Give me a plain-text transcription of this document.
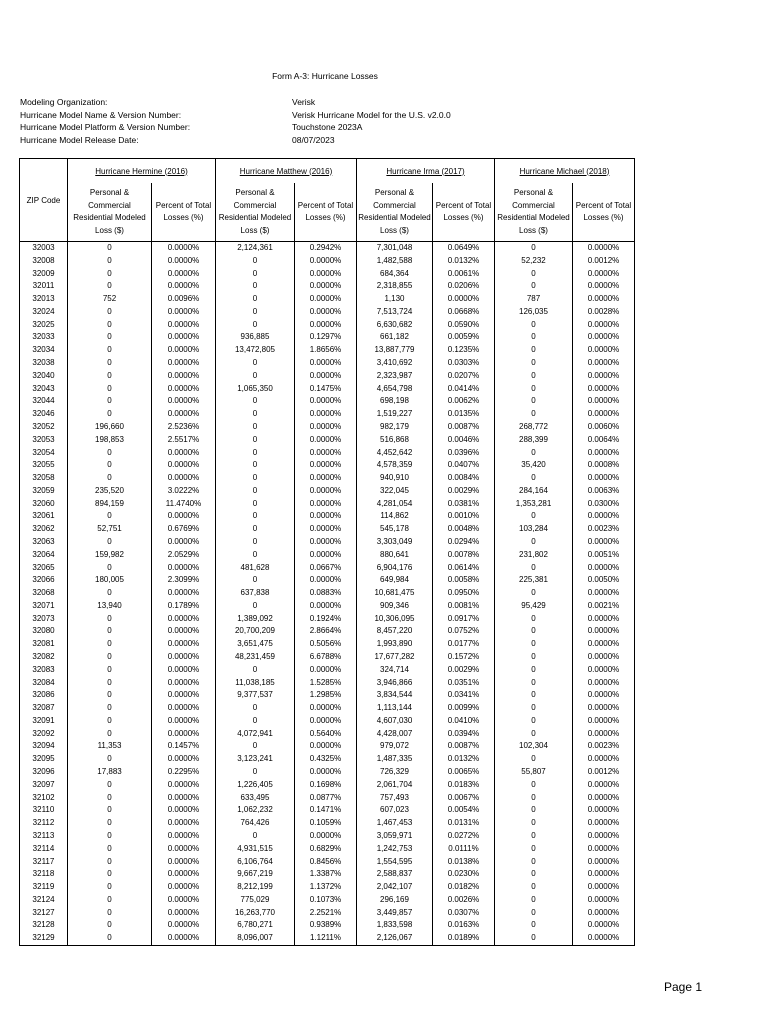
Form A-3: Hurricane Losses
Modeling Organization:	Verisk
Hurricane Model Name & Version Number:	Verisk Hurricane Model for the U.S. v2.0.0
Hurricane Model Platform & Version Number:	Touchstone 2023A
Hurricane Model Release Date:	08/07/2023
ZIP Code	Hurricane Hermine (2016)		Hurricane Matthew (2016)		Hurricane Irma (2017)		Hurricane Michael (2018)	
	Personal & Commercial Residential Modeled Loss ($)	Percent of Total Losses (%)	Personal & Commercial Residential Modeled Loss ($)	Percent of Total Losses (%)	Personal & Commercial Residential Modeled Loss ($)	Percent of Total Losses (%)	Personal & Commercial Residential Modeled Loss ($)	Percent of Total Losses (%)
32003	0	0.0000%	2,124,361	0.2942%	7,301,048	0.0649%	0	0.0000%
32008	0	0.0000%	0	0.0000%	1,482,588	0.0132%	52,232	0.0012%
32009	0	0.0000%	0	0.0000%	684,364	0.0061%	0	0.0000%
32011	0	0.0000%	0	0.0000%	2,318,855	0.0206%	0	0.0000%
32013	752	0.0096%	0	0.0000%	1,130	0.0000%	787	0.0000%
32024	0	0.0000%	0	0.0000%	7,513,724	0.0668%	126,035	0.0028%
32025	0	0.0000%	0	0.0000%	6,630,682	0.0590%	0	0.0000%
32033	0	0.0000%	936,885	0.1297%	661,182	0.0059%	0	0.0000%
32034	0	0.0000%	13,472,805	1.8656%	13,887,779	0.1235%	0	0.0000%
32038	0	0.0000%	0	0.0000%	3,410,692	0.0303%	0	0.0000%
32040	0	0.0000%	0	0.0000%	2,323,987	0.0207%	0	0.0000%
32043	0	0.0000%	1,065,350	0.1475%	4,654,798	0.0414%	0	0.0000%
32044	0	0.0000%	0	0.0000%	698,198	0.0062%	0	0.0000%
32046	0	0.0000%	0	0.0000%	1,519,227	0.0135%	0	0.0000%
32052	196,660	2.5236%	0	0.0000%	982,179	0.0087%	268,772	0.0060%
32053	198,853	2.5517%	0	0.0000%	516,868	0.0046%	288,399	0.0064%
32054	0	0.0000%	0	0.0000%	4,452,642	0.0396%	0	0.0000%
32055	0	0.0000%	0	0.0000%	4,578,359	0.0407%	35,420	0.0008%
32058	0	0.0000%	0	0.0000%	940,910	0.0084%	0	0.0000%
32059	235,520	3.0222%	0	0.0000%	322,045	0.0029%	284,164	0.0063%
32060	894,159	11.4740%	0	0.0000%	4,281,054	0.0381%	1,353,281	0.0300%
32061	0	0.0000%	0	0.0000%	114,862	0.0010%	0	0.0000%
32062	52,751	0.6769%	0	0.0000%	545,178	0.0048%	103,284	0.0023%
32063	0	0.0000%	0	0.0000%	3,303,049	0.0294%	0	0.0000%
32064	159,982	2.0529%	0	0.0000%	880,641	0.0078%	231,802	0.0051%
32065	0	0.0000%	481,628	0.0667%	6,904,176	0.0614%	0	0.0000%
32066	180,005	2.3099%	0	0.0000%	649,984	0.0058%	225,381	0.0050%
32068	0	0.0000%	637,838	0.0883%	10,681,475	0.0950%	0	0.0000%
32071	13,940	0.1789%	0	0.0000%	909,346	0.0081%	95,429	0.0021%
32073	0	0.0000%	1,389,092	0.1924%	10,306,095	0.0917%	0	0.0000%
32080	0	0.0000%	20,700,209	2.8664%	8,457,220	0.0752%	0	0.0000%
32081	0	0.0000%	3,651,475	0.5056%	1,993,890	0.0177%	0	0.0000%
32082	0	0.0000%	48,231,459	6.6788%	17,677,282	0.1572%	0	0.0000%
32083	0	0.0000%	0	0.0000%	324,714	0.0029%	0	0.0000%
32084	0	0.0000%	11,038,185	1.5285%	3,946,866	0.0351%	0	0.0000%
32086	0	0.0000%	9,377,537	1.2985%	3,834,544	0.0341%	0	0.0000%
32087	0	0.0000%	0	0.0000%	1,113,144	0.0099%	0	0.0000%
32091	0	0.0000%	0	0.0000%	4,607,030	0.0410%	0	0.0000%
32092	0	0.0000%	4,072,941	0.5640%	4,428,007	0.0394%	0	0.0000%
32094	11,353	0.1457%	0	0.0000%	979,072	0.0087%	102,304	0.0023%
32095	0	0.0000%	3,123,241	0.4325%	1,487,335	0.0132%	0	0.0000%
32096	17,883	0.2295%	0	0.0000%	726,329	0.0065%	55,807	0.0012%
32097	0	0.0000%	1,226,405	0.1698%	2,061,704	0.0183%	0	0.0000%
32102	0	0.0000%	633,495	0.0877%	757,493	0.0067%	0	0.0000%
32110	0	0.0000%	1,062,232	0.1471%	607,023	0.0054%	0	0.0000%
32112	0	0.0000%	764,426	0.1059%	1,467,453	0.0131%	0	0.0000%
32113	0	0.0000%	0	0.0000%	3,059,971	0.0272%	0	0.0000%
32114	0	0.0000%	4,931,515	0.6829%	1,242,753	0.0111%	0	0.0000%
32117	0	0.0000%	6,106,764	0.8456%	1,554,595	0.0138%	0	0.0000%
32118	0	0.0000%	9,667,219	1.3387%	2,588,837	0.0230%	0	0.0000%
32119	0	0.0000%	8,212,199	1.1372%	2,042,107	0.0182%	0	0.0000%
32124	0	0.0000%	775,029	0.1073%	296,169	0.0026%	0	0.0000%
32127	0	0.0000%	16,263,770	2.2521%	3,449,857	0.0307%	0	0.0000%
32128	0	0.0000%	6,780,271	0.9389%	1,833,598	0.0163%	0	0.0000%
32129	0	0.0000%	8,096,007	1.1211%	2,126,067	0.0189%	0	0.0000%
Page 1
